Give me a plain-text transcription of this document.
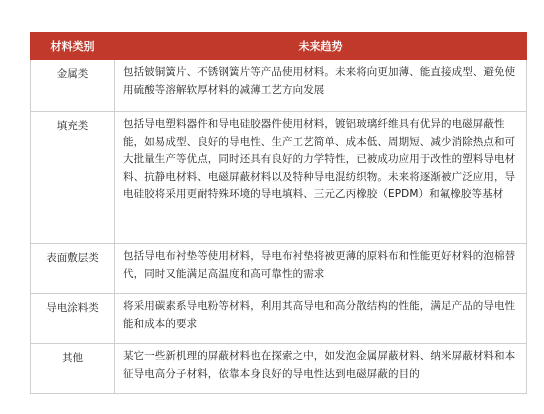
材料类别	未来趋势
金属类	包括铍铜簧片、不锈钢簧片等产品使用材料。未来将向更加薄、能直接成型、避免使用硫酸等溶解软厚材料的减薄工艺方向发展
填充类	包括导电塑料器件和导电硅胶器件使用材料，镀铝玻璃纤维具有优异的电磁屏蔽性能，如易成型、良好的导电性、生产工艺简单、成本低、周期短、减少消除热点和可大批量生产等优点，同时还具有良好的力学特性，已被成功应用于改性的塑料导电材料、抗静电材料、电磁屏蔽材料以及特种导电混纺织物。未来将逐渐被广泛应用，导电硅胶将采用更耐特殊环境的导电填料、三元乙丙橡胶（EPDM）和氟橡胶等基材
表面敷层类	包括导电布衬垫等使用材料，导电布衬垫将被更薄的原料布和性能更好材料的泡棉替代，同时又能满足高温度和高可靠性的需求
导电涂料类	将采用碳素系导电粉等材料，利用其高导电和高分散结构的性能，满足产品的导电性能和成本的要求
其他	某它一些新机理的屏蔽材料也在探索之中，如发泡金属屏蔽材料、纳米屏蔽材料和本征导电高分子材料，依靠本身良好的导电性达到电磁屏蔽的目的
